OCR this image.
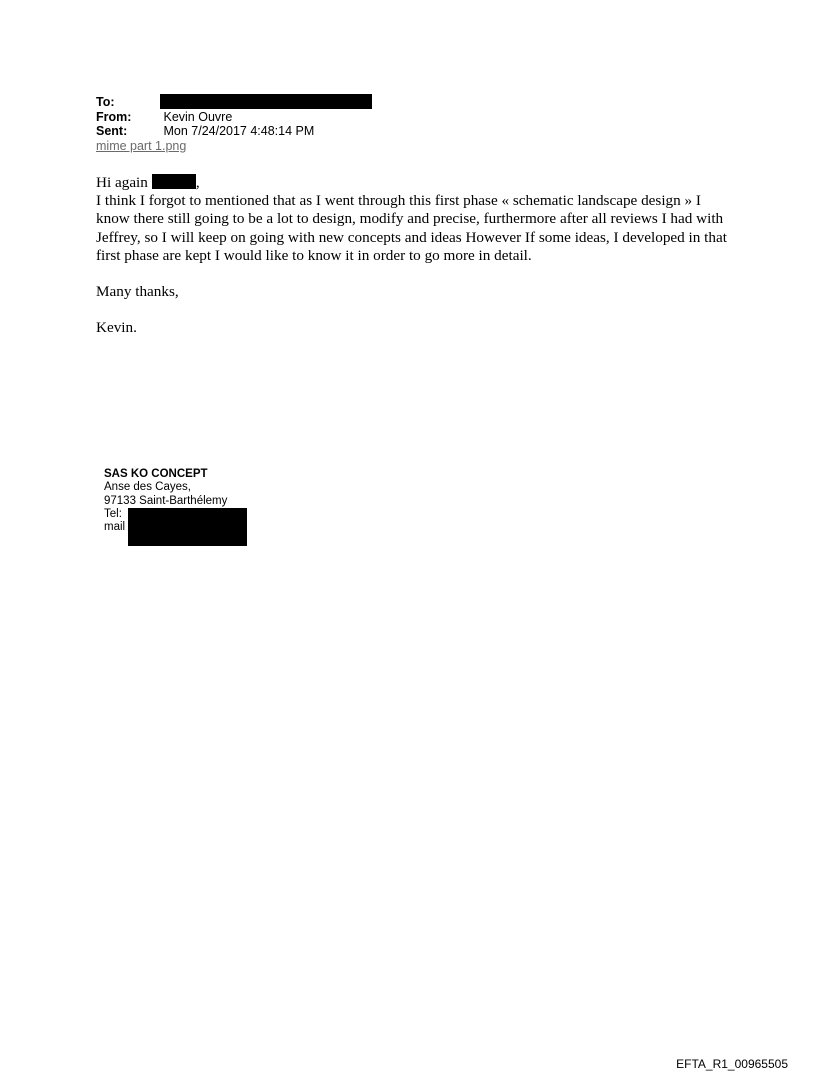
To:
From:	Kevin Ouvre
Sent:	Mon 7/24/2017 4:48:14 PM
mime part 1.png

Hi again	,

I think I forgot to mentioned that as I went through this first phase « schematic landscape design » I know there still going to be a lot to design, modify and precise, furthermore after all reviews I had with Jeffrey, so I will keep on going with new concepts and ideas However If some ideas, I developed in that first phase are kept I would like to know it in order to go more in detail.

Many thanks,

Kevin.

SAS KO CONCEPT
Anse des Cayes,
97133 Saint-Barthélemy
Tel:
mail
EFTA_R1_00965505
